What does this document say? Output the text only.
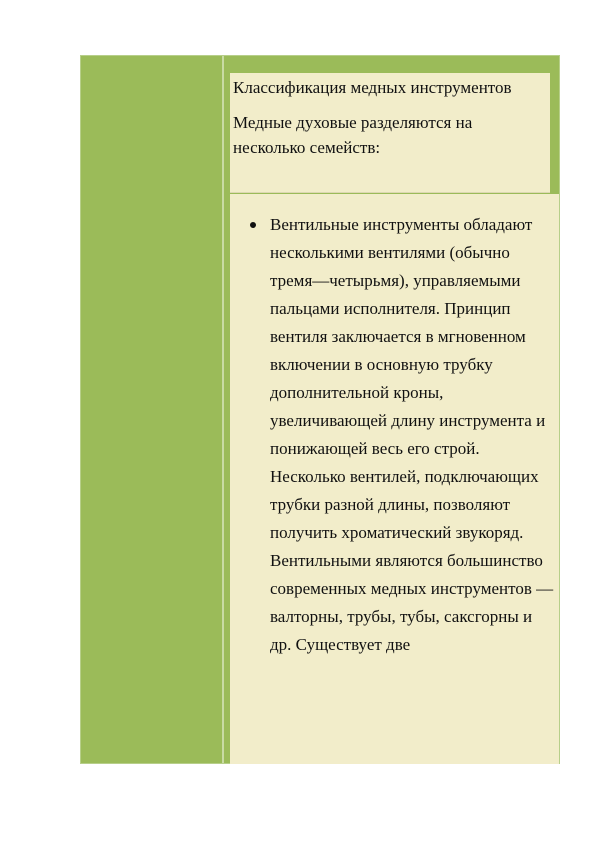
Классификация медных инструментов

Медные духовые разделяются на несколько семейств:

Вентильные инструменты обладают несколькими вентилями (обычно тремя—четырьмя), управляемыми пальцами исполнителя. Принцип вентиля заключается в мгновенном включении в основную трубку дополнительной кроны, увеличивающей длину инструмента и понижающей весь его строй. Несколько вентилей, подключающих трубки разной длины, позволяют получить хроматический звукоряд. Вентильными являются большинство современных медных инструментов — валторны, трубы, тубы, саксгорны и др. Существует две
